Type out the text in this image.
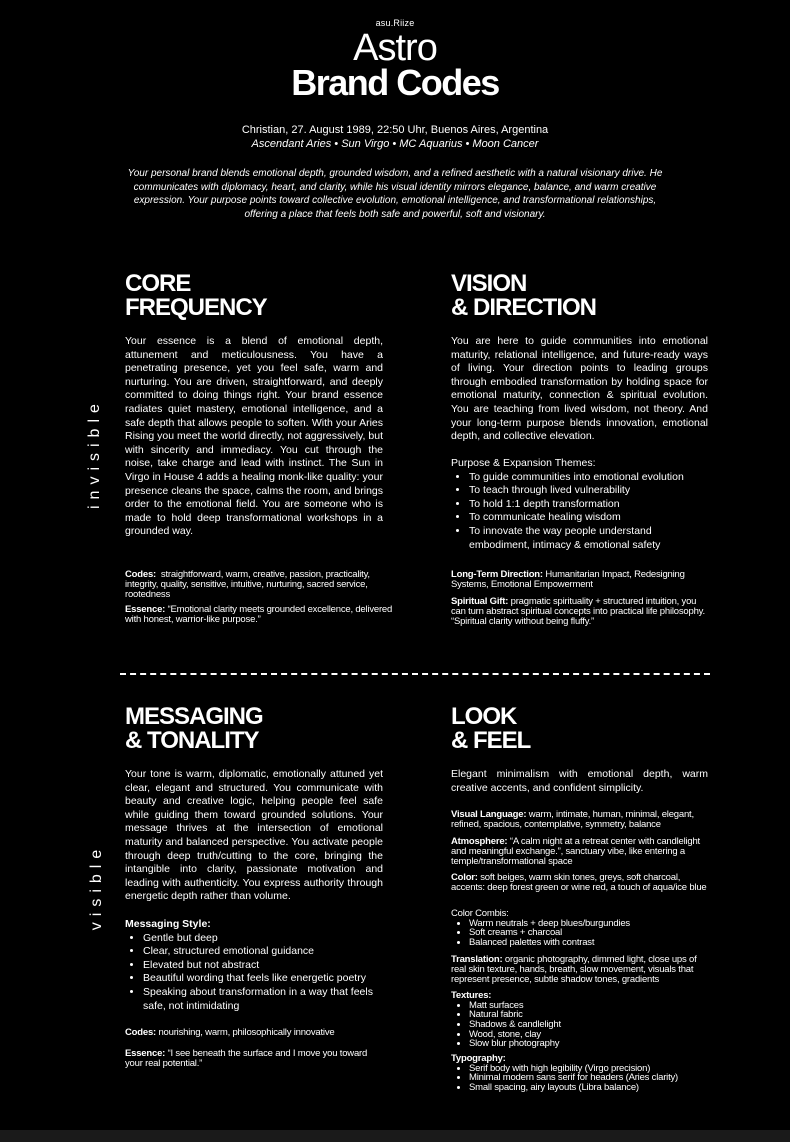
asu.Riize
Astro
Brand Codes
Christian, 27. August 1989, 22:50 Uhr, Buenos Aires, Argentina
Ascendant Aries • Sun Virgo • MC Aquarius • Moon Cancer
Your personal brand blends emotional depth, grounded wisdom, and a refined aesthetic with a natural visionary drive. He communicates with diplomacy, heart, and clarity, while his visual identity mirrors elegance, balance, and warm creative expression. Your purpose points toward collective evolution, emotional intelligence, and transformational relationships, offering a place that feels both safe and powerful, soft and visionary.
invisible
visible
CORE
FREQUENCY
Your essence is a blend of emotional depth, attunement and meticulousness. You have a penetrating presence, yet you feel safe, warm and nurturing. You are driven, straightforward, and deeply committed to doing things right. Your brand essence radiates quiet mastery, emotional intelligence, and a safe depth that allows people to soften. With your Aries Rising you meet the world directly, not aggressively, but with sincerity and immediacy. You cut through the noise, take charge and lead with instinct. The Sun in Virgo in House 4 adds a healing monk-like quality: your presence cleans the space, calms the room, and brings order to the emotional field. You are someone who is made to hold deep transformational workshops in a grounded way.
Codes: straightforward, warm, creative, passion, practicality, integrity, quality, sensitive, intuitive, nurturing, sacred service, rootedness
Essence: “Emotional clarity meets grounded excellence, delivered with honest, warrior-like purpose.”
VISION
& DIRECTION
You are here to guide communities into emotional maturity, relational intelligence, and future-ready ways of living. Your direction points to leading groups through embodied transformation by holding space for emotional maturity, connection & spiritual evolution. You are teaching from lived wisdom, not theory. And your long-term purpose blends innovation, emotional depth, and collective elevation.
Purpose & Expansion Themes:
• To guide communities into emotional evolution
• To teach through lived vulnerability
• To hold 1:1 depth transformation
• To communicate healing wisdom
• To innovate the way people understand embodiment, intimacy & emotional safety
Long-Term Direction: Humanitarian Impact, Redesigning Systems, Emotional Empowerment
Spiritual Gift: pragmatic spirituality + structured intuition, you can turn abstract spiritual concepts into practical life philosophy. “Spiritual clarity without being fluffy.”
MESSAGING
& TONALITY
Your tone is warm, diplomatic, emotionally attuned yet clear, elegant and structured. You communicate with beauty and creative logic, helping people feel safe while guiding them toward grounded solutions. Your message thrives at the intersection of emotional maturity and balanced perspective. You activate people through deep truth/cutting to the core, bringing the intangible into clarity, passionate motivation and leading with authenticity. You express authority through energetic depth rather than volume.
Messaging Style:
• Gentle but deep
• Clear, structured emotional guidance
• Elevated but not abstract
• Beautiful wording that feels like energetic poetry
• Speaking about transformation in a way that feels safe, not intimidating
Codes: nourishing, warm, philosophically innovative
Essence: “I see beneath the surface and I move you toward your real potential.”
LOOK
& FEEL
Elegant minimalism with emotional depth, warm creative accents, and confident simplicity.
Visual Language: warm, intimate, human, minimal, elegant, refined, spacious, contemplative, symmetry, balance
Atmosphere: “A calm night at a retreat center with candlelight and meaningful exchange.”, sanctuary vibe, like entering a temple/transformational space
Color: soft beiges, warm skin tones, greys, soft charcoal, accents: deep forest green or wine red, a touch of aqua/ice blue
Color Combis:
• Warm neutrals + deep blues/burgundies
• Soft creams + charcoal
• Balanced palettes with contrast
Translation: organic photography, dimmed light, close ups of real skin texture, hands, breath, slow movement, visuals that represent presence, subtle shadow tones, gradients
Textures:
• Matt surfaces
• Natural fabric
• Shadows & candlelight
• Wood, stone, clay
• Slow blur photography
Typography:
• Serif body with high legibility (Virgo precision)
• Minimal modern sans serif for headers (Aries clarity)
• Small spacing, airy layouts (Libra balance)
